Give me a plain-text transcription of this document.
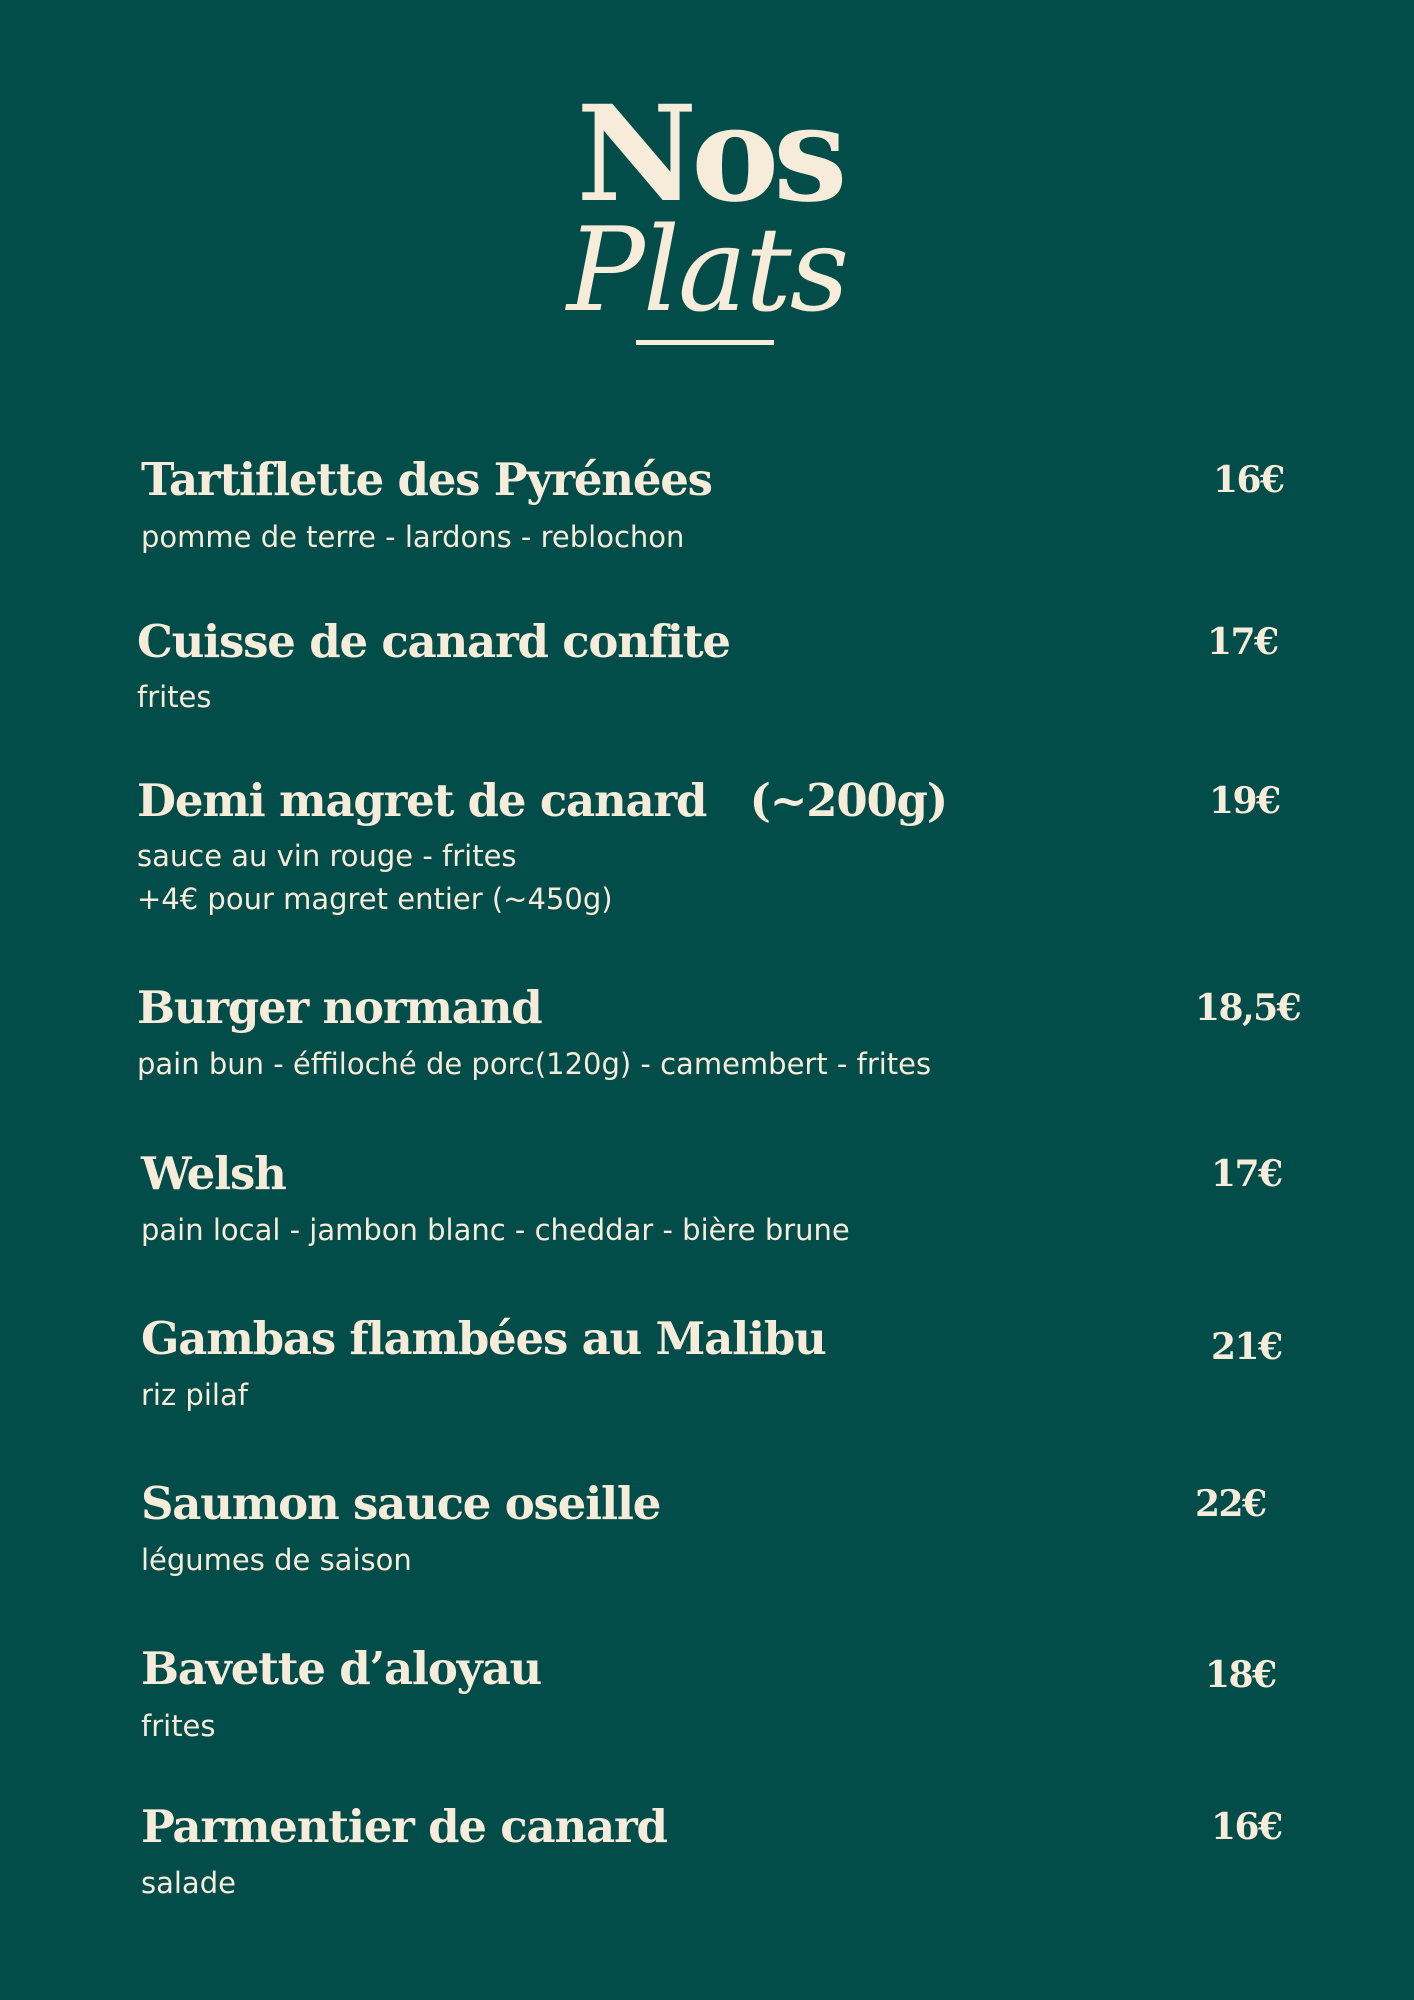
Nos
Plats
Tartiflette des Pyrénées
pomme de terre - lardons - reblochon
16€
Cuisse de canard confite
frites
17€
Demi magret de canard   (~200g)
sauce au vin rouge - frites
+4€ pour magret entier (~450g)
19€
Burger normand
pain bun - éffiloché de porc(120g) - camembert - frites
18,5€
Welsh
pain local - jambon blanc - cheddar - bière brune
17€
Gambas flambées au Malibu
riz pilaf
21€
Saumon sauce oseille
légumes de saison
22€
Bavette d’aloyau
frites
18€
Parmentier de canard
salade
16€
